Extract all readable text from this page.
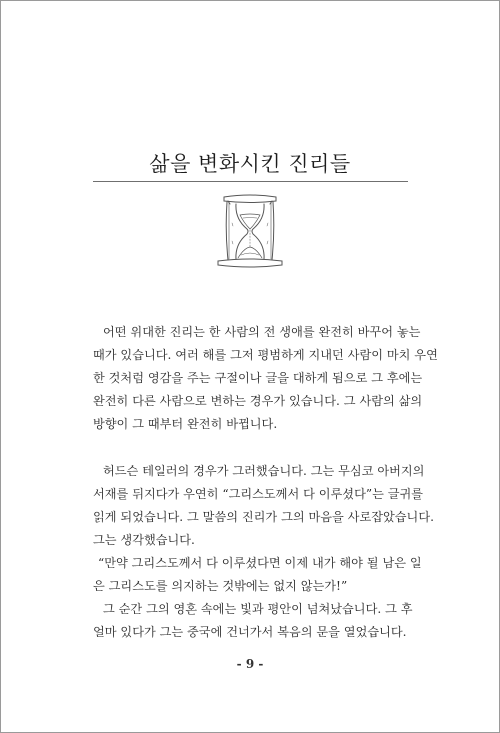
삶을 변화시킨 진리들
어떤 위대한 진리는 한 사람의 전 생애를 완전히 바꾸어 놓는
때가 있습니다. 여러 해를 그저 평범하게 지내던 사람이 마치 우연
한 것처럼 영감을 주는 구절이나 글을 대하게 됨으로 그 후에는
완전히 다른 사람으로 변하는 경우가 있습니다. 그 사람의 삶의
방향이 그 때부터 완전히 바뀝니다.
허드슨 테일러의 경우가 그러했습니다. 그는 무심코 아버지의
서재를 뒤지다가 우연히 “그리스도께서 다 이루셨다”는 글귀를
읽게 되었습니다. 그 말씀의 진리가 그의 마음을 사로잡았습니다.
그는 생각했습니다.
“만약 그리스도께서 다 이루셨다면 이제 내가 해야 될 남은 일
은 그리스도를 의지하는 것밖에는 없지 않는가!”
그 순간 그의 영혼 속에는 빛과 평안이 넘쳐났습니다. 그 후
얼마 있다가 그는 중국에 건너가서 복음의 문을 열었습니다.
- 9 -
